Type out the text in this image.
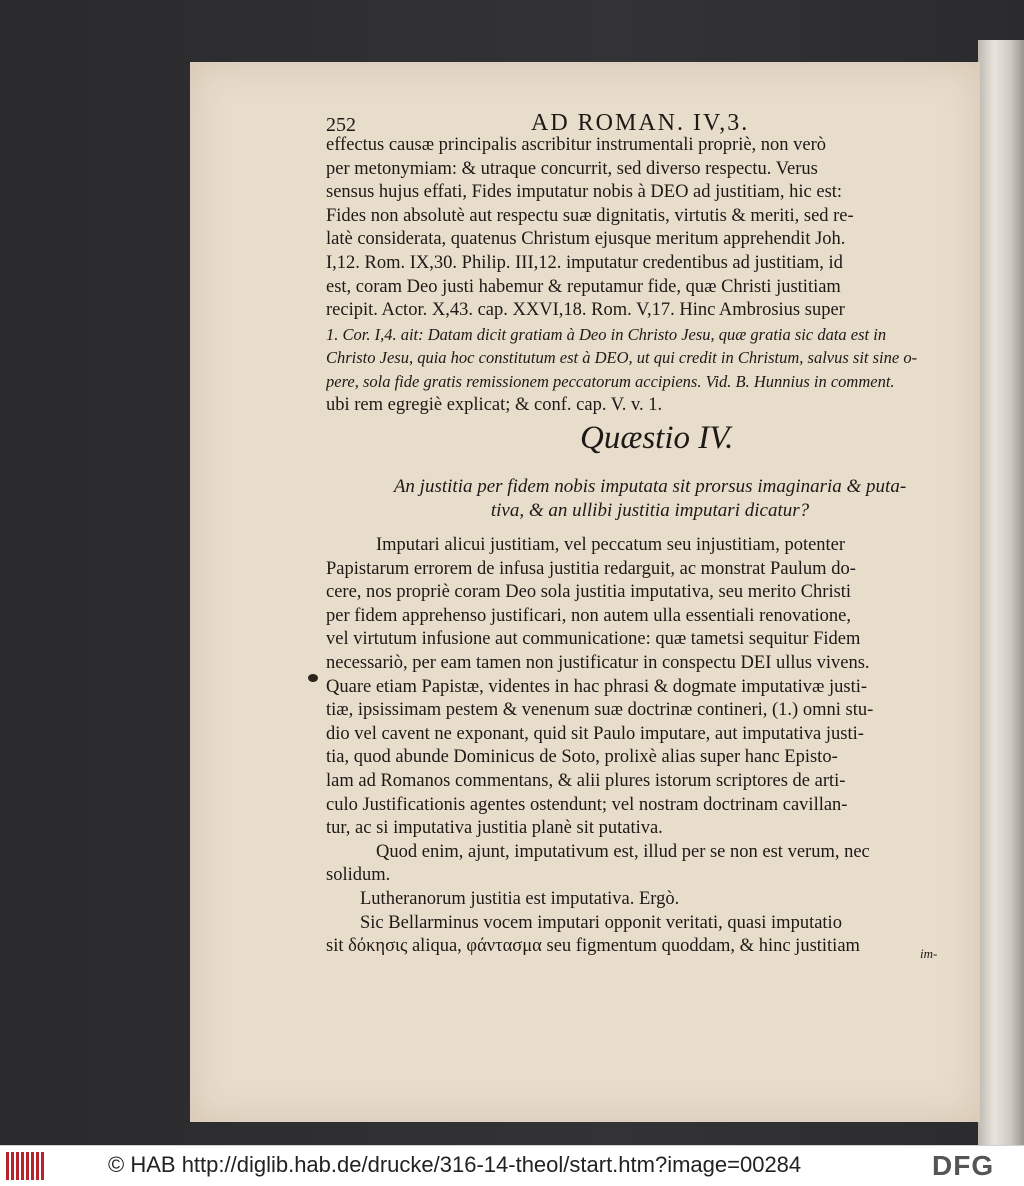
252	AD ROMAN. IV,3.
effectus causæ principalis ascribitur instrumentali propriè, non verò
per metonymiam: & utraque concurrit, sed diverso respectu. Verus
sensus hujus effati, Fides imputatur nobis à DEO ad justitiam, hic est:
Fides non absolutè aut respectu suæ dignitatis, virtutis & meriti, sed re-
latè considerata, quatenus Christum ejusque meritum apprehendit Joh.
I,12. Rom. IX,30. Philip. III,12. imputatur credentibus ad justitiam, id
est, coram Deo justi habemur & reputamur fide, quæ Christi justitiam
recipit. Actor. X,43. cap. XXVI,18. Rom. V,17. Hinc Ambrosius super
1. Cor. I,4. ait: Datam dicit gratiam à Deo in Christo Jesu, quæ gratia sic data est in
Christo Jesu, quia hoc constitutum est à DEO, ut qui credit in Christum, salvus sit sine o-
pere, sola fide gratis remissionem peccatorum accipiens. Vid. B. Hunnius in comment.
ubi rem egregiè explicat; & conf. cap. V. v. 1.
Quæstio IV.
An justitia per fidem nobis imputata sit prorsus imaginaria & puta-
tiva, & an ullibi justitia imputari dicatur?
Imputari alicui justitiam, vel peccatum seu injustitiam, potenter
Papistarum errorem de infusa justitia redarguit, ac monstrat Paulum do-
cere, nos propriè coram Deo sola justitia imputativa, seu merito Christi
per fidem apprehenso justificari, non autem ulla essentiali renovatione,
vel virtutum infusione aut communicatione: quæ tametsi sequitur Fidem
necessariò, per eam tamen non justificatur in conspectu DEI ullus vivens.
Quare etiam Papistæ, videntes in hac phrasi & dogmate imputativæ justi-
tiæ, ipsissimam pestem & venenum suæ doctrinæ contineri, (1.) omni stu-
dio vel cavent ne exponant, quid sit Paulo imputare, aut imputativa justi-
tia, quod abunde Dominicus de Soto, prolixè alias super hanc Episto-
lam ad Romanos commentans, & alii plures istorum scriptores de arti-
culo Justificationis agentes ostendunt; vel nostram doctrinam cavillan-
tur, ac si imputativa justitia planè sit putativa.
Quod enim, ajunt, imputativum est, illud per se non est verum, nec
solidum.
Lutheranorum justitia est imputativa. Ergò.
Sic Bellarminus vocem imputari opponit veritati, quasi imputatio
sit δόκησις aliqua, φάντασμα seu figmentum quoddam, & hinc justitiam	im-
© HAB http://diglib.hab.de/drucke/316-14-theol/start.htm?image=00284	DFG
